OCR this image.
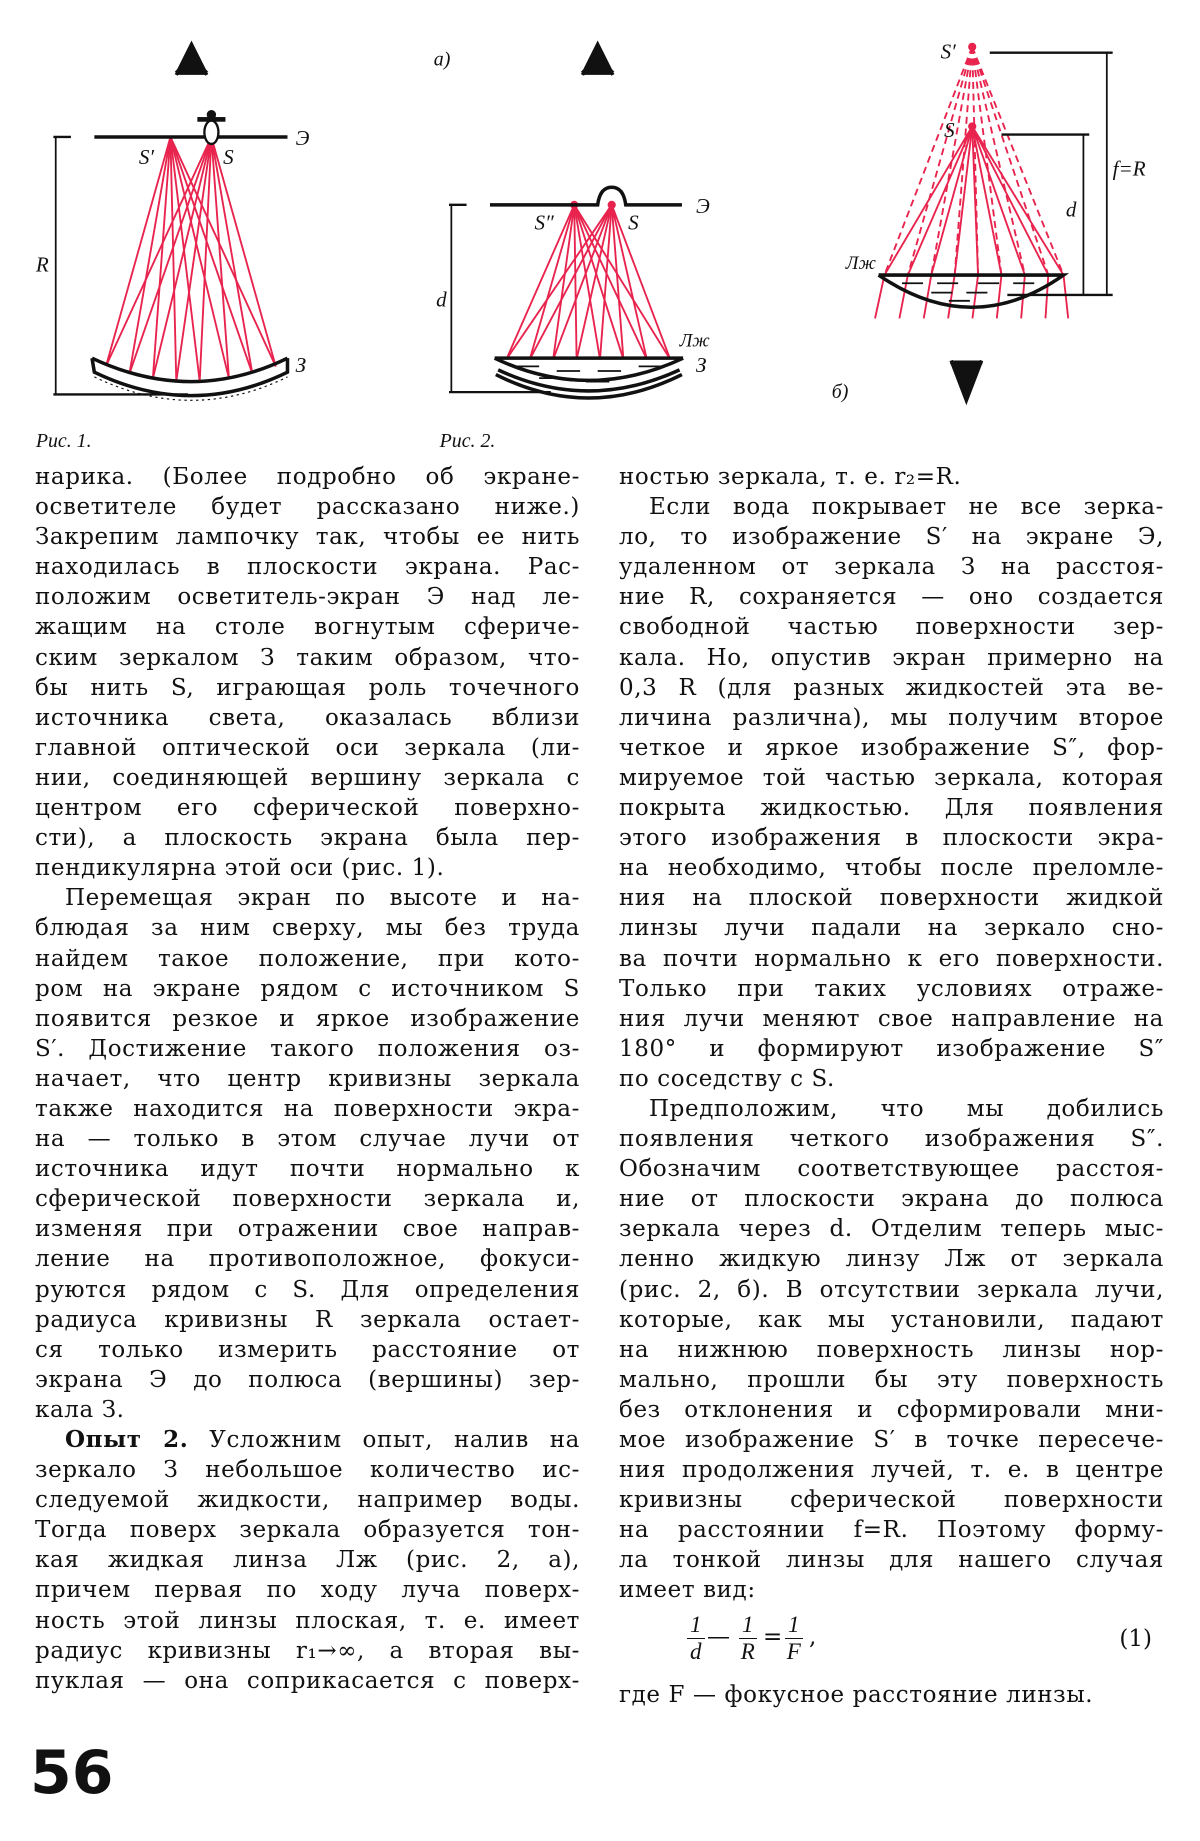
S′	S
Э
R
З
Рис. 1.
а)
S″	S
Э
d
Лж
З
Рис. 2.
S′
S
f=R
d
Лж
б)
нарика. (Более подробно об экране-
осветителе будет рассказано ниже.)
Закрепим лампочку так, чтобы ее нить
находилась в плоскости экрана. Рас-
положим осветитель-экран Э над ле-
жащим на столе вогнутым сфериче-
ским зеркалом З таким образом, что-
бы нить S, играющая роль точечного
источника света, оказалась вблизи
главной оптической оси зеркала (ли-
нии, соединяющей вершину зеркала с
центром его сферической поверхно-
сти), а плоскость экрана была пер-
пендикулярна этой оси (рис. 1).
Перемещая экран по высоте и на-
блюдая за ним сверху, мы без труда
найдем такое положение, при кото-
ром на экране рядом с источником S
появится резкое и яркое изображение
S′. Достижение такого положения оз-
начает, что центр кривизны зеркала
также находится на поверхности экра-
на — только в этом случае лучи от
источника идут почти нормально к
сферической поверхности зеркала и,
изменяя при отражении свое направ-
ление на противоположное, фокуси-
руются рядом с S. Для определения
радиуса кривизны R зеркала остает-
ся только измерить расстояние от
экрана Э до полюса (вершины) зер-
кала З.
Опыт 2. Усложним опыт, налив на
зеркало З небольшое количество ис-
следуемой жидкости, например воды.
Тогда поверх зеркала образуется тон-
кая жидкая линза Лж (рис. 2, а),
причем первая по ходу луча поверх-
ность этой линзы плоская, т. е. имеет
радиус кривизны r₁→∞, а вторая вы-
пуклая — она соприкасается с поверх-
ностью зеркала, т. е. r₂=R.
Если вода покрывает не все зерка-
ло, то изображение S′ на экране Э,
удаленном от зеркала З на расстоя-
ние R, сохраняется — оно создается
свободной частью поверхности зер-
кала. Но, опустив экран примерно на
0,3 R (для разных жидкостей эта ве-
личина различна), мы получим второе
четкое и яркое изображение S″, фор-
мируемое той частью зеркала, которая
покрыта жидкостью. Для появления
этого изображения в плоскости экра-
на необходимо, чтобы после преломле-
ния на плоской поверхности жидкой
линзы лучи падали на зеркало сно-
ва почти нормально к его поверхности.
Только при таких условиях отраже-
ния лучи меняют свое направление на
180° и формируют изображение S″
по соседству с S.
Предположим, что мы добились
появления четкого изображения S″.
Обозначим соответствующее расстоя-
ние от плоскости экрана до полюса
зеркала через d. Отделим теперь мыс-
ленно жидкую линзу Лж от зеркала
(рис. 2, б). В отсутствии зеркала лучи,
которые, как мы установили, падают
на нижнюю поверхность линзы нор-
мально, прошли бы эту поверхность
без отклонения и сформировали мни-
мое изображение S′ в точке пересече-
ния продолжения лучей, т. е. в центре
кривизны сферической поверхности
на расстоянии f=R. Поэтому форму-
ла тонкой линзы для нашего случая
имеет вид:
$\frac{1}{d}$ — $\frac{1}{R} = \frac{1}{F}$ ,	(1)
где F — фокусное расстояние линзы.
56
